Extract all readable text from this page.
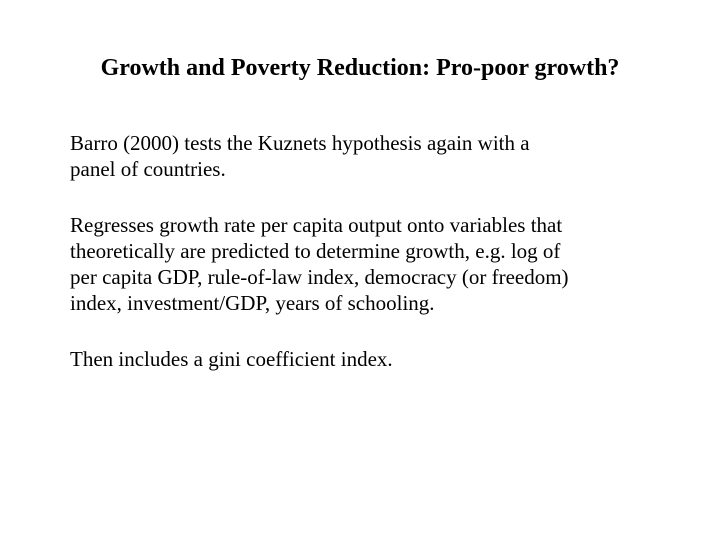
Growth and Poverty Reduction: Pro-poor growth?

Barro (2000) tests the Kuznets hypothesis again with a
panel of countries.

Regresses growth rate per capita output onto variables that
theoretically are predicted to determine growth, e.g. log of
per capita GDP, rule-of-law index, democracy (or freedom)
index, investment/GDP, years of schooling.

Then includes a gini coefficient index.
